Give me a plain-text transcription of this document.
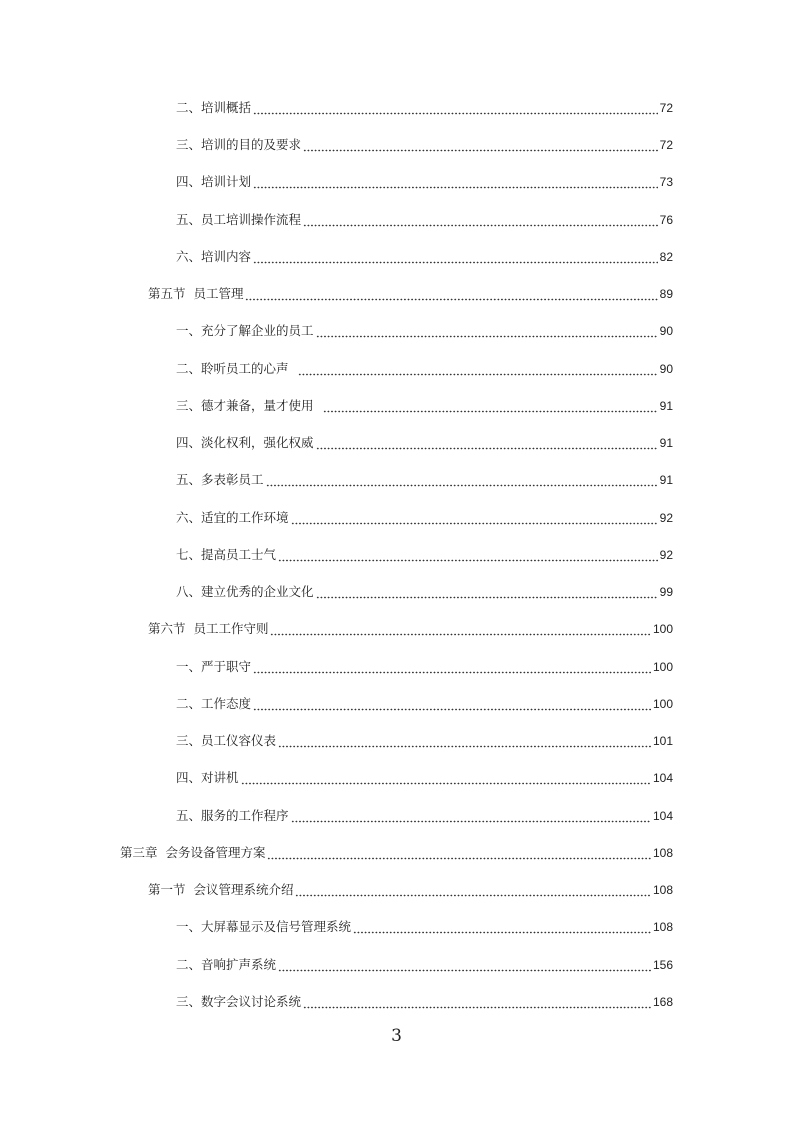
二、培训概括	72
三、培训的目的及要求	72
四、培训计划	73
五、员工培训操作流程	76
六、培训内容	82
第五节  员工管理	89
一、充分了解企业的员工	90
二、聆听员工的心声	90
三、德才兼备，量才使用	91
四、淡化权利，强化权威	91
五、多表彰员工	91
六、适宜的工作环境	92
七、提高员工士气	92
八、建立优秀的企业文化	99
第六节  员工工作守则	100
一、严于职守	100
二、工作态度	100
三、员工仪容仪表	101
四、对讲机	104
五、服务的工作程序	104
第三章  会务设备管理方案	108
第一节  会议管理系统介绍	108
一、大屏幕显示及信号管理系统	108
二、音响扩声系统	156
三、数字会议讨论系统	168
3
